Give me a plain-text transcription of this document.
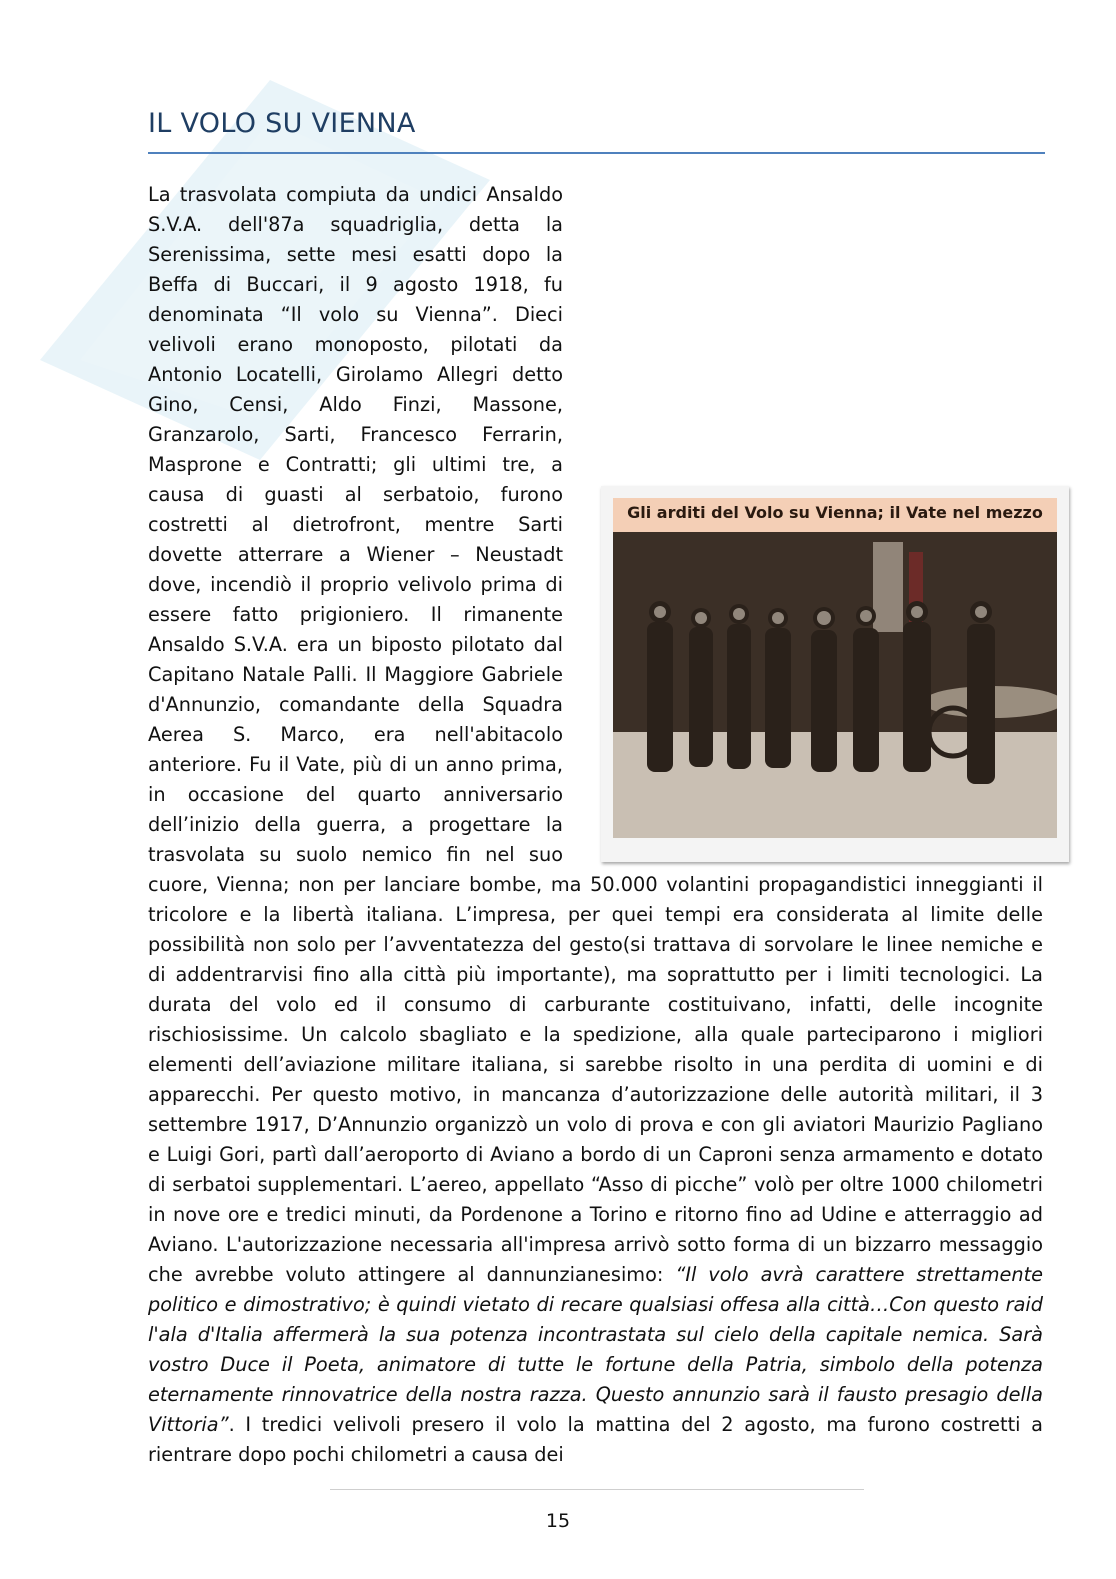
IL VOLO SU VIENNA
Gli arditi del Volo su Vienna; il Vate nel mezzo

La trasvolata compiuta da undici Ansaldo S.V.A. dell'87a squadriglia, detta la Serenissima, sette mesi esatti dopo la Beffa di Buccari, il 9 agosto 1918, fu denominata “Il volo su Vienna”. Dieci velivoli erano monoposto, pilotati da Antonio Locatelli, Girolamo Allegri detto Gino, Censi, Aldo Finzi, Massone, Granzarolo, Sarti, Francesco Ferrarin, Masprone e Contratti; gli ultimi tre, a causa di guasti al serbatoio, furono costretti al dietrofront, mentre Sarti dovette atterrare a Wiener – Neustadt dove, incendiò il proprio velivolo prima di essere fatto prigioniero. Il rimanente Ansaldo S.V.A. era un biposto pilotato dal Capitano Natale Palli. Il Maggiore Gabriele d'Annunzio, comandante della Squadra Aerea S. Marco, era nell'abitacolo anteriore. Fu il Vate, più di un anno prima, in occasione del quarto anniversario dell’inizio della guerra, a progettare la trasvolata su suolo nemico fin nel suo cuore, Vienna; non per lanciare bombe, ma 50.000 volantini propagandistici inneggianti il tricolore e la libertà italiana. L’impresa, per quei tempi era considerata al limite delle possibilità non solo per l’avventatezza del gesto(si trattava di sorvolare le linee nemiche e di addentrarvisi fino alla città più importante), ma soprattutto per i limiti tecnologici. La durata del volo ed il consumo di carburante costituivano, infatti, delle incognite rischiosissime. Un calcolo sbagliato e la spedizione, alla quale parteciparono i migliori elementi dell’aviazione militare italiana, si sarebbe risolto in una perdita di uomini e di apparecchi. Per questo motivo, in mancanza d’autorizzazione delle autorità militari, il 3 settembre 1917, D’Annunzio organizzò un volo di prova e con gli aviatori Maurizio Pagliano e Luigi Gori, partì dall’aeroporto di Aviano a bordo di un Caproni senza armamento e dotato di serbatoi supplementari. L’aereo, appellato “Asso di picche” volò per oltre 1000 chilometri in nove ore e tredici minuti, da Pordenone a Torino e ritorno fino ad Udine e atterraggio ad Aviano. L'autorizzazione necessaria all'impresa arrivò sotto forma di un bizzarro messaggio che avrebbe voluto attingere al dannunzianesimo: “Il volo avrà carattere strettamente politico e dimostrativo; è quindi vietato di recare qualsiasi offesa alla città…Con questo raid l'ala d'Italia affermerà la sua potenza incontrastata sul cielo della capitale nemica. Sarà vostro Duce il Poeta, animatore di tutte le fortune della Patria, simbolo della potenza eternamente rinnovatrice della nostra razza. Questo annunzio sarà il fausto presagio della Vittoria”. I tredici velivoli presero il volo la mattina del 2 agosto, ma furono costretti a rientrare dopo pochi chilometri a causa dei

15
